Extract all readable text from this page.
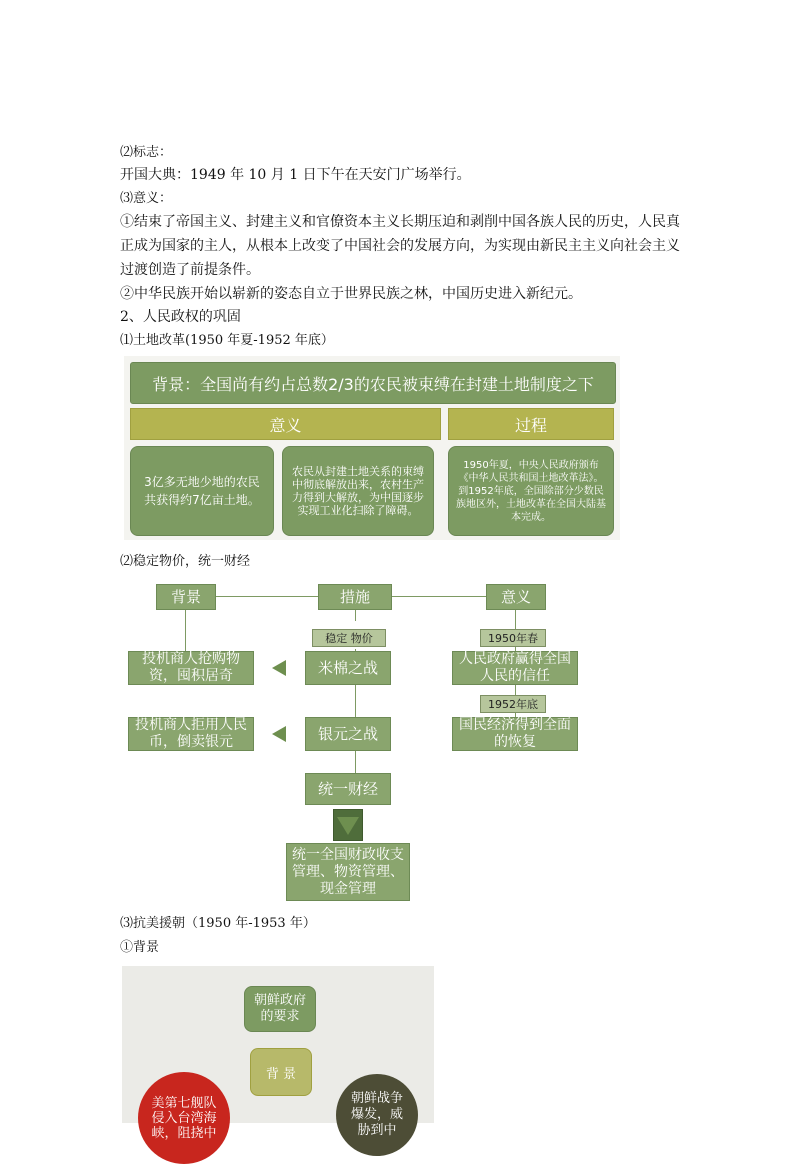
⑵标志：
开国大典：1949 年 10 月 1 日下午在天安门广场举行。
⑶意义：
①结束了帝国主义、封建主义和官僚资本主义长期压迫和剥削中国各族人民的历史，人民真正成为国家的主人，从根本上改变了中国社会的发展方向，为实现由新民主主义向社会主义过渡创造了前提条件。
②中华民族开始以崭新的姿态自立于世界民族之林，中国历史进入新纪元。
2、人民政权的巩固
⑴土地改革(1950 年夏-1952 年底）
背景：全国尚有约占总数2/3的农民被束缚在封建土地制度之下
意义	过程
3亿多无地少地的农民共获得约7亿亩土地。
农民从封建土地关系的束缚中彻底解放出来，农村生产力得到大解放，为中国逐步实现工业化扫除了障碍。
1950年夏，中央人民政府颁布《中华人民共和国土地改革法》。到1952年底，全国除部分少数民族地区外，土地改革在全国大陆基本完成。
⑵稳定物价，统一财经
背景	措施	意义
稳定 物价
投机商人抢购物资，囤积居奇	米棉之战
投机商人拒用人民币，倒卖银元	银元之战
统一财经
统一全国财政收支管理、物资管理、现金管理
1950年春
人民政府赢得全国人民的信任
1952年底
国民经济得到全面的恢复
⑶抗美援朝（1950 年-1953 年）
①背景
朝鲜政府的要求
背 景
美第七舰队侵入台湾海峡，阻挠中
朝鲜战争爆发，威胁到中
